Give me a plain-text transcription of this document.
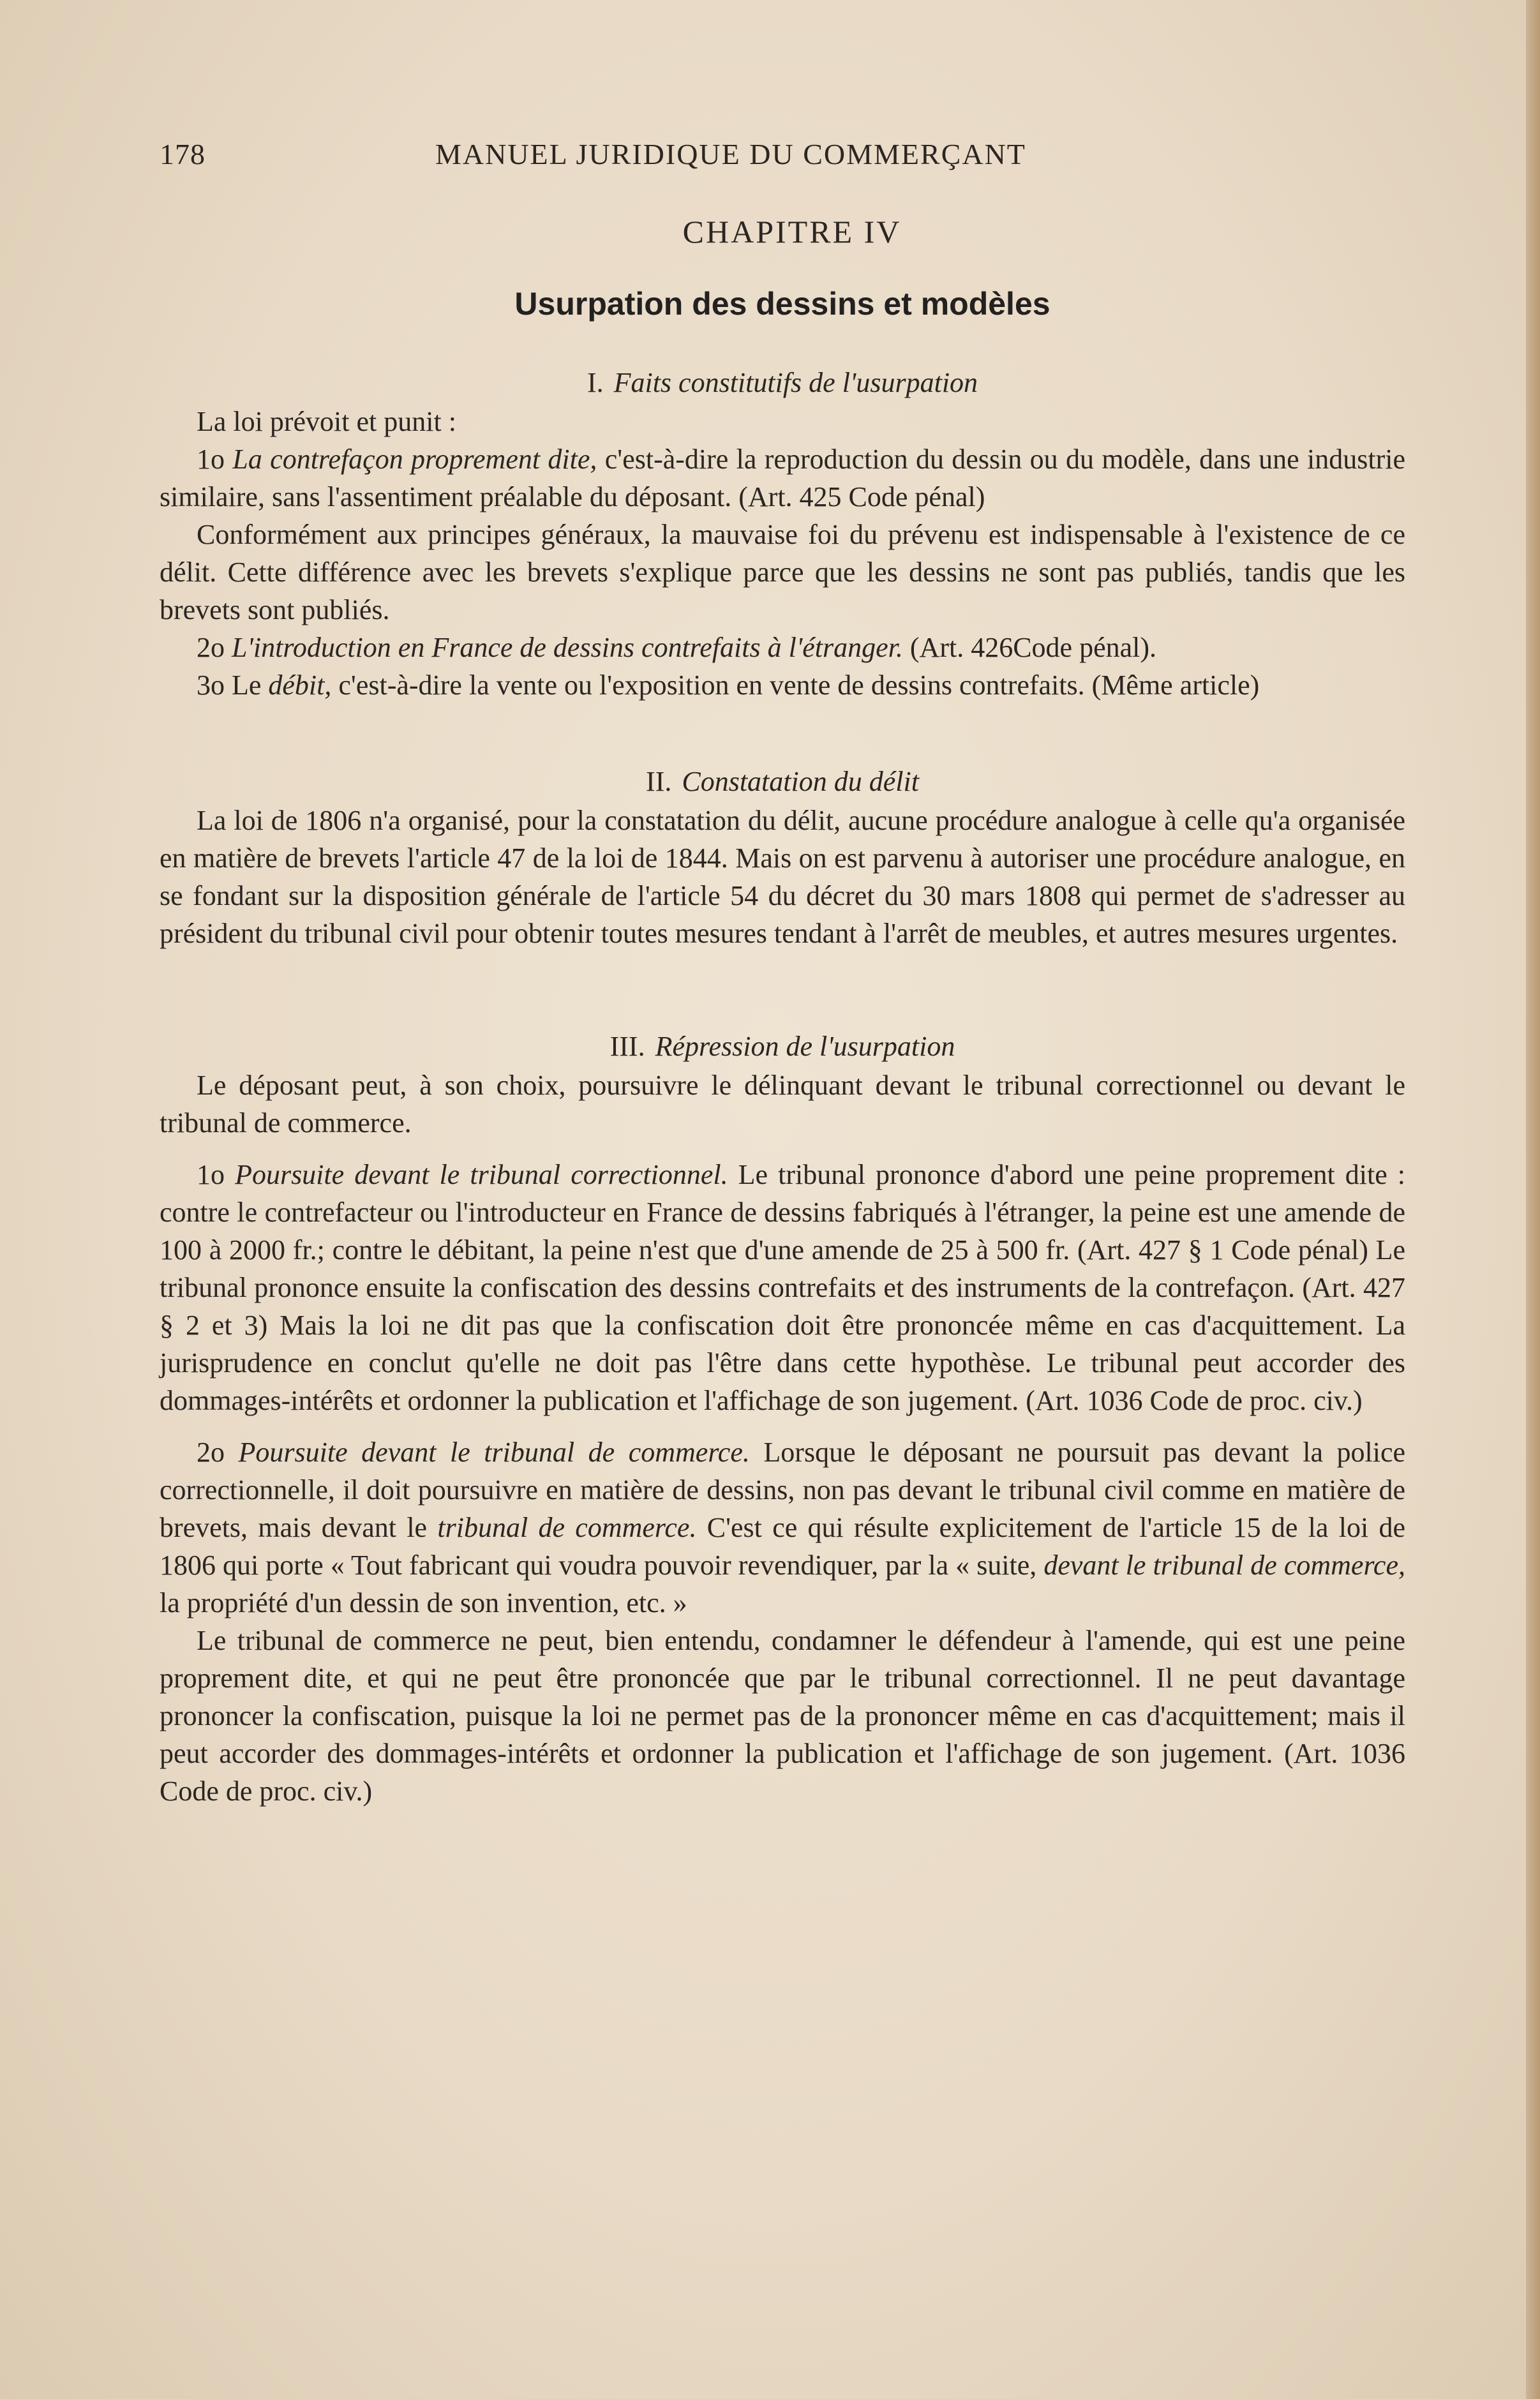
178	MANUEL JURIDIQUE DU COMMERÇANT
CHAPITRE IV
Usurpation des dessins et modèles
I. Faits constitutifs de l'usurpation

La loi prévoit et punit :

1o La contrefaçon proprement dite, c'est-à-dire la reproduction du dessin ou du modèle, dans une industrie similaire, sans l'assentiment préalable du déposant. (Art. 425 Code pénal)

Conformément aux principes généraux, la mauvaise foi du prévenu est indispensable à l'existence de ce délit. Cette différence avec les brevets s'explique parce que les dessins ne sont pas publiés, tandis que les brevets sont publiés.

2o L'introduction en France de dessins contrefaits à l'étranger. (Art. 426Code pénal).

3o Le débit, c'est-à-dire la vente ou l'exposition en vente de dessins contrefaits. (Même article)

II. Constatation du délit

La loi de 1806 n'a organisé, pour la constatation du délit, aucune procédure analogue à celle qu'a organisée en matière de brevets l'article 47 de la loi de 1844. Mais on est parvenu à autoriser une procédure analogue, en se fondant sur la disposition générale de l'article 54 du décret du 30 mars 1808 qui permet de s'adresser au président du tribunal civil pour obtenir toutes mesures tendant à l'arrêt de meubles, et autres mesures urgentes.

III. Répression de l'usurpation

Le déposant peut, à son choix, poursuivre le délinquant devant le tribunal correctionnel ou devant le tribunal de commerce.

1o Poursuite devant le tribunal correctionnel. Le tribunal prononce d'abord une peine proprement dite : contre le contrefacteur ou l'introducteur en France de dessins fabriqués à l'étranger, la peine est une amende de 100 à 2000 fr.; contre le débitant, la peine n'est que d'une amende de 25 à 500 fr. (Art. 427 § 1 Code pénal) Le tribunal prononce ensuite la confiscation des dessins contrefaits et des instruments de la contrefaçon. (Art. 427 § 2 et 3) Mais la loi ne dit pas que la confiscation doit être prononcée même en cas d'acquittement. La jurisprudence en conclut qu'elle ne doit pas l'être dans cette hypothèse. Le tribunal peut accorder des dommages-intérêts et ordonner la publication et l'affichage de son jugement. (Art. 1036 Code de proc. civ.)

2o Poursuite devant le tribunal de commerce. Lorsque le déposant ne poursuit pas devant la police correctionnelle, il doit poursuivre en matière de dessins, non pas devant le tribunal civil comme en matière de brevets, mais devant le tribunal de commerce. C'est ce qui résulte explicitement de l'article 15 de la loi de 1806 qui porte « Tout fabricant qui voudra pouvoir revendiquer, par la « suite, devant le tribunal de commerce, la propriété d'un dessin de son invention, etc. »

Le tribunal de commerce ne peut, bien entendu, condamner le défendeur à l'amende, qui est une peine proprement dite, et qui ne peut être prononcée que par le tribunal correctionnel. Il ne peut davantage prononcer la confiscation, puisque la loi ne permet pas de la prononcer même en cas d'acquittement; mais il peut accorder des dommages-intérêts et ordonner la publication et l'affichage de son jugement. (Art. 1036 Code de proc. civ.)
